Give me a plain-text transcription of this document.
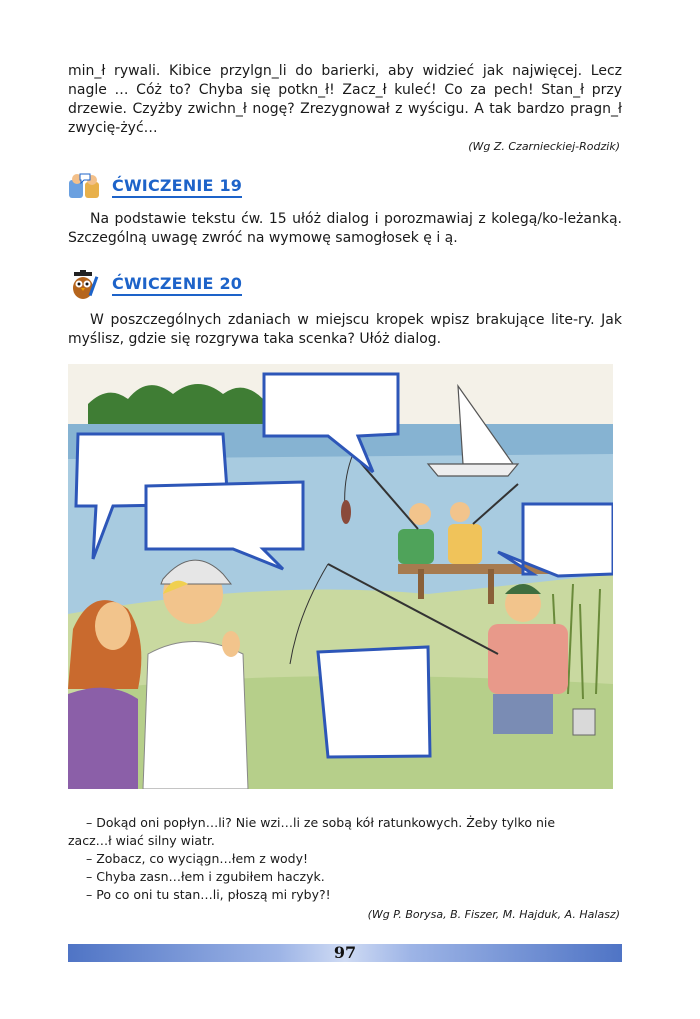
min_ł rywali. Kibice przylgn_li do barierki, aby widzieć jak najwięcej. Lecz nagle … Cóż to? Chyba się potkn_ł! Zacz_ł kuleć! Co za pech! Stan_ł przy drzewie. Czyżby zwichn_ł nogę? Zrezygnował z wyścigu. A tak bardzo pragn_ł zwycię-żyć…

(Wg Z. Czarnieckiej-Rodzik)

ĆWICZENIE 19

Na podstawie tekstu ćw. 15 ułóż dialog i porozmawiaj z kolegą/ko-leżanką. Szczególną uwagę zwróć na wymowę samogłosek ę i ą.

ĆWICZENIE 20

W poszczególnych zdaniach w miejscu kropek wpisz brakujące lite-ry. Jak myślisz, gdzie się rozgrywa taka scenka? Ułóż dialog.

– Dokąd oni popłyn…li? Nie wzi…li ze sobą kół ratunkowych. Żeby tylko nie
zacz…ł wiać silny wiatr.
– Zobacz, co wyciągn…łem z wody!
– Chyba zasn…łem i zgubiłem haczyk.
– Po co oni tu stan…li, płoszą mi ryby?!

(Wg P. Borysa, B. Fiszer, M. Hajduk, A. Halasz)

97
